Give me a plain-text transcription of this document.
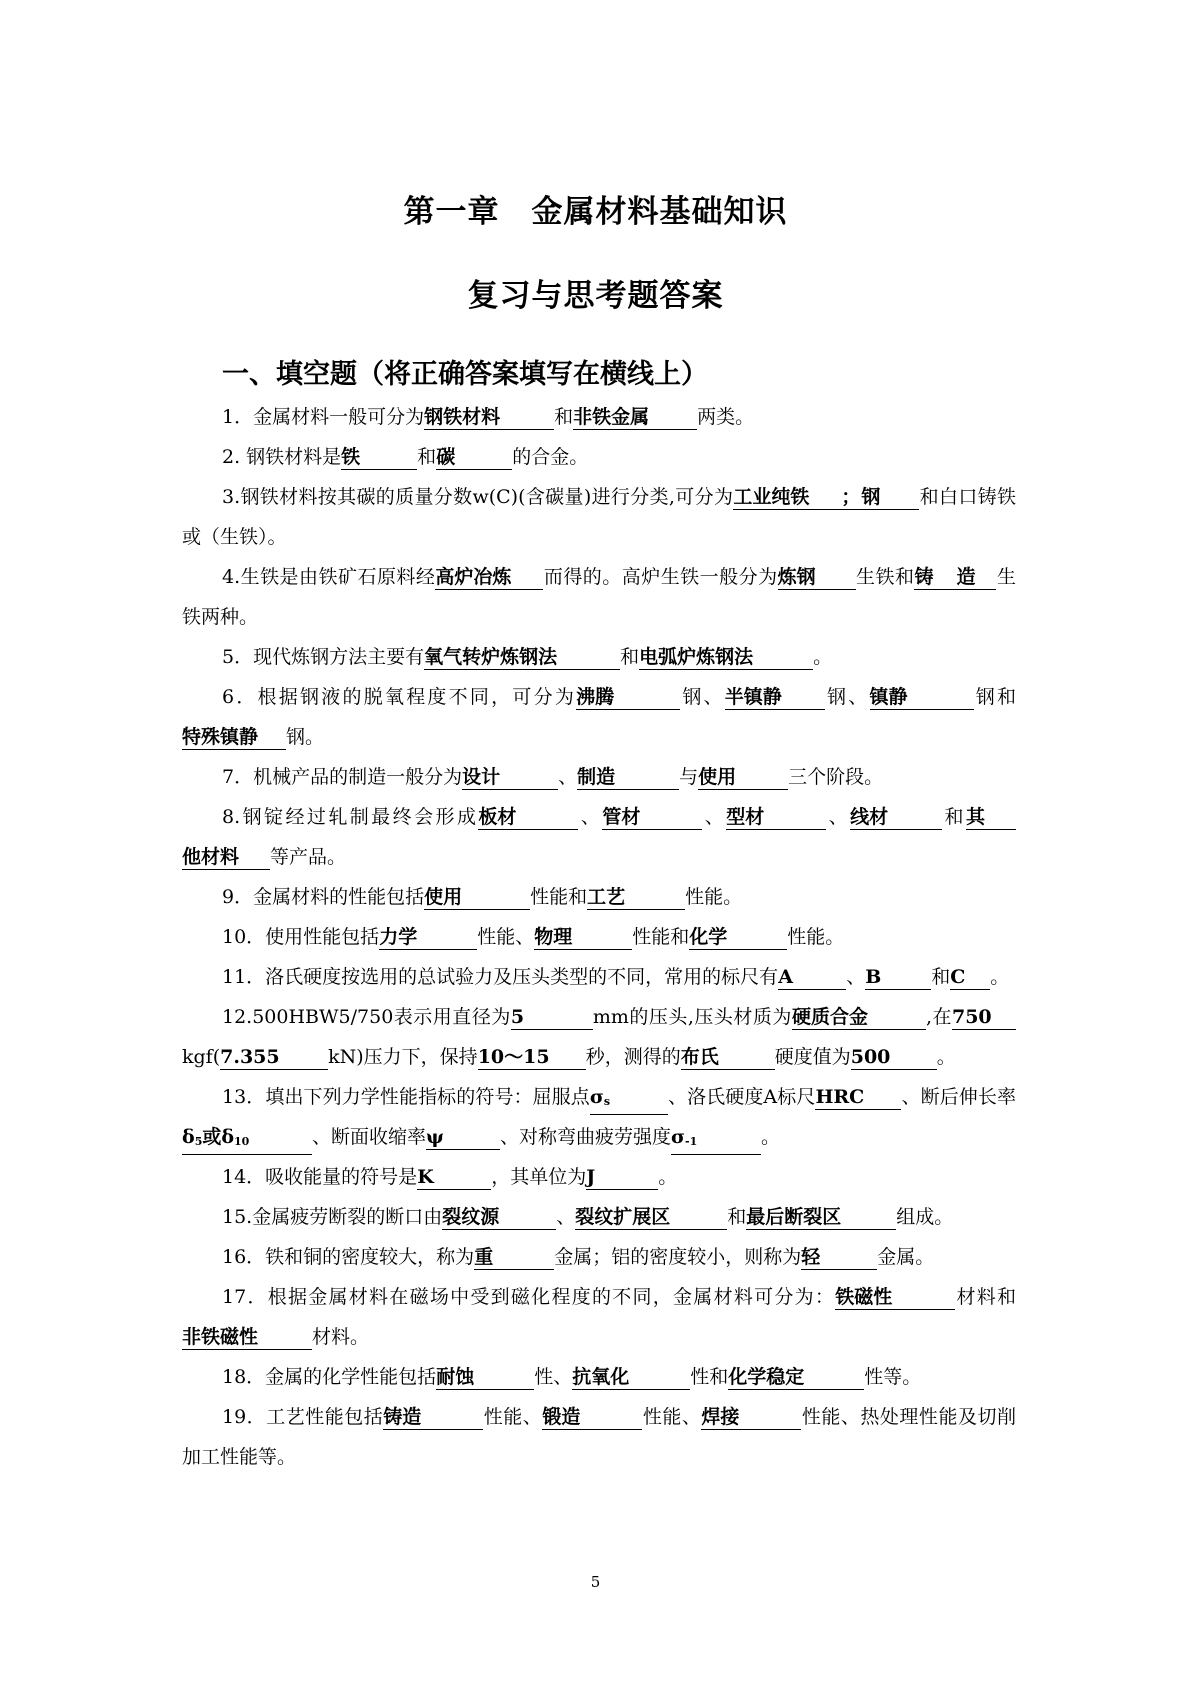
第一章 金属材料基础知识
复习与思考题答案
一、填空题（将正确答案填写在横线上）
1．金属材料一般可分为钢铁材料	和非铁金属	两类。
2. 钢铁材料是铁	和碳	的合金。
3.钢铁材料按其碳的质量分数w(C)(含碳量)进行分类,可分为工业纯铁 ；钢 和白口铸铁或（生铁）。
4.生铁是由铁矿石原料经高炉冶炼 而得的。高炉生铁一般分为炼钢 生铁和铸 造 生铁两种。
5．现代炼钢方法主要有氧气转炉炼钢法	和电弧炉炼钢法	。
6．根据钢液的脱氧程度不同，可分为沸腾	钢、半镇静 钢、镇静	钢和特殊镇静 钢。
7．机械产品的制造一般分为设计	、制造	与使用	三个阶段。
8.钢锭经过轧制最终会形成板材	、管材	、型材	、线材	和其他材料 等产品。
9．金属材料的性能包括使用	性能和工艺	性能。
10．使用性能包括力学	性能、物理	性能和化学	性能。
11．洛氏硬度按选用的总试验力及压头类型的不同，常用的标尺有A	、B	和C 。
12.500HBW5/750表示用直径为5	mm的压头,压头材质为硬质合金	,在750kgf(7.355	kN)压力下，保持10～15 秒，测得的布氏	硬度值为500 。
13．填出下列力学性能指标的符号：屈服点$\sigma_s$	、洛氏硬度A标尺HRC 、断后伸长率$\delta_5$或$\delta_{10}$	、断面收缩率ψ	、对称弯曲疲劳强度$\sigma_{-1}$	。
14．吸收能量的符号是K	，其单位为J	。
15.金属疲劳断裂的断口由裂纹源	、裂纹扩展区	和最后断裂区	组成。
16．铁和铜的密度较大，称为重	金属；铝的密度较小，则称为轻	金属。
17．根据金属材料在磁场中受到磁化程度的不同，金属材料可分为：铁磁性	材料和非铁磁性	材料。
18．金属的化学性能包括耐蚀	性、抗氧化	性和化学稳定	性等。
19．工艺性能包括铸造	性能、锻造	性能、焊接	性能、热处理性能及切削加工性能等。
5
